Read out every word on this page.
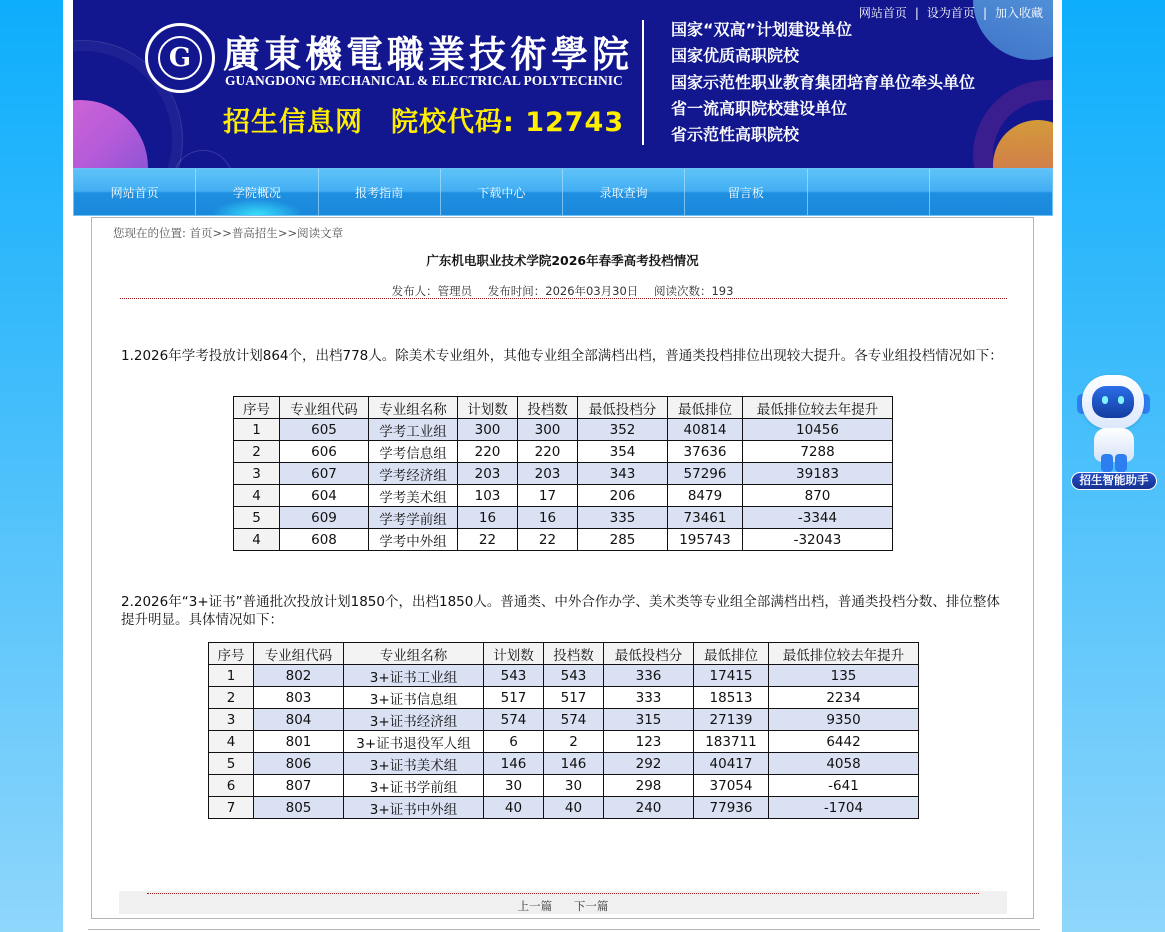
G 廣東機電職業技術學院
GUANGDONG MECHANICAL & ELECTRICAL POLYTECHNIC
招生信息网 院校代码: 12743
国家“双高”计划建设单位
国家优质高职院校
国家示范性职业教育集团培育单位牵头单位
省一流高职院校建设单位
省示范性高职院校
网站首页 | 设为首页 | 加入收藏
网站首页	学院概况	报考指南	下载中心	录取查询	留言板
您现在的位置: 首页>>普高招生>>阅读文章
广东机电职业技术学院2026年春季高考投档情况
发布人：管理员 发布时间：2026年03月30日 阅读次数：193
1.2026年学考投放计划864个，出档778人。除美术专业组外，其他专业组全部满档出档，普通类投档排位出现较大提升。各专业组投档情况如下：
序号	专业组代码	专业组名称	计划数	投档数	最低投档分	最低排位	最低排位较去年提升
1	605	学考工业组	300	300	352	40814	10456
2	606	学考信息组	220	220	354	37636	7288
3	607	学考经济组	203	203	343	57296	39183
4	604	学考美术组	103	17	206	8479	870
5	609	学考学前组	16	16	335	73461	-3344
4	608	学考中外组	22	22	285	195743	-32043
2.2026年“3+证书”普通批次投放计划1850个，出档1850人。普通类、中外合作办学、美术类等专业组全部满档出档，普通类投档分数、排位整体提升明显。具体情况如下：
序号	专业组代码	专业组名称	计划数	投档数	最低投档分	最低排位	最低排位较去年提升
1	802	3+证书工业组	543	543	336	17415	135
2	803	3+证书信息组	517	517	333	18513	2234
3	804	3+证书经济组	574	574	315	27139	9350
4	801	3+证书退役军人组	6	2	123	183711	6442
5	806	3+证书美术组	146	146	292	40417	4058
6	807	3+证书学前组	30	30	298	37054	-641
7	805	3+证书中外组	40	40	240	77936	-1704
上一篇 下一篇
招生智能助手
